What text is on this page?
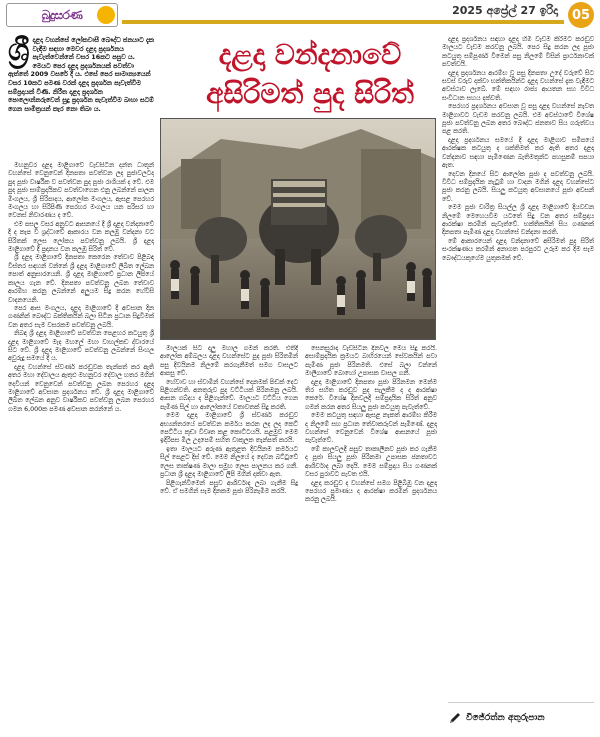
බුදුසරණ	2025 අප්‍රේල් 27 ඉරිදා	05
ශ්‍රී දළදා වහන්සේ ලෝකවාසී බෞද්ධ ජනයාට දැක වැඳීම සඳහා මෙවර දළදා ප්‍රදර්ශනය පැවැත්වෙන්නේ වසර 16කට පසුව ය. මෙයට පෙර දළදා ප්‍රදර්ශනයක් පවත්වා ඇත්තේ 2009 වසරේ දී ය. එසේ පෙර සාමාන්‍යයෙන් වසර 10කට පමණ වරක් දළදා ප්‍රදර්ශන පැවැත්වීම සම්ප්‍රදායක් විණි. නිරීත දළදා ප්‍රදර්ශන පොලොන්නරුවෙන් සුදු ප්‍රදර්ශන පැවැත්වීම බාහා සටම් ගෙන සාමිත්‍රයන් කැර නො තිබා ය.
දළදා වන්දනාවේ
අසිරිමත් පුද සිරිත්

මහනුවර දළදා මාළිගාවේ වැඩසිටින දන්ත ධාතූන් වහන්සේ වෙනුවෙන් දිනපතා පවත්වන ලද පුජාවලටද පුද පූජා වාර්ෂික ව පවත්වන පුද පූජා රාශියක් ද වේ. එම පුද පූජා සාම්ප්‍රදායිකව පවත්වාගෙන එනු ලබන්නේ පාලන මිංගලය, ශ්‍රී සිරිපාදය, ආලෝක මංගලය, ඇසළ පෙරහර මංගලය හා සිරිපිණි පෙරහර මංගලය යන පරිසර හා වෙනස් නිවාරණය ද වේ.

එම පසල වසර අනුවට ආසනයේ දී ශ්‍රී දළදා වන්දනාවේ දී ද කැප වී ශ්‍රද්ධාවේ ආකාරය වන කලඹු වන්දනා වට සිරිතක් ලෙස ලෝකය පවත්වනු ලබයි. ශ්‍රී දළදා මාළිගාවේ දී ප්‍රදානය වන කලඹු සිරිත් වේ.

ශ්‍රී දළදා මාළිගාවේ දිනපතා කෙරෙන තේවාව පිළිබඳ විස්තර සඳහන් වන්නේ ශ්‍රී දළදා මාළිගාවේ ලිඛිත ලේඛන පොත් අනුසාරයෙනි. ශ්‍රී දළදා මාළිගාවේ ප්‍රධාන ලිපියේ කාලය ගැන වේ. දිනපතා පවත්වනු ලබන තේවාව ආරම්භ කරනු ලබන්නේ අලුයම සිදු කරන හේවිසි වාදනයෙනි.

පෙර ආස මංගලය, දළදා මාළිගාවේ දී අවසාන දින ගණනින් බෞද්ධ බක්තිකයින් බලා සිටින ප්‍රධාන සිදුවීමක් වන අතර සැම වසරකම පවත්වනු ලබයි.

නිබඳ ශ්‍රී දළදා මාළිගාවේ පවත්වන පෙළහර කටයුතු ශ්‍රී දළදා මාළිගාවේ මැද මහලේ මහා වාහල්කඩ ද්වාරයේ සිට වේ. ශ්‍රී දළදා මාළිගාවේ පවත්වනු ලබන්නේ සිංහල අවුරුදු සමයේ දී ය.

දළදා වහන්සේ ස්වර්ණ කරඬුවක තැන්පත් කර ඇති අතර මහා දේවාලය ඇතුළු මහනුවර දේවාල හතර මගින් දෙවියන් වෙනුවෙන් පවත්වනු ලබන පෙරහර දළදා මාළිගාවේ අවසාන ප්‍රදර්ශනය වේ. ශ්‍රී දළදා මාළිගාවේ ලිඛිත ලේඛන අනුව වාර්ෂිකව පවත්වනු ලබන පෙරහර ගමන 6,000ක පමණ අවසාන කරන්නේ ය.

මාලයක් සිට දලු මහාල ගමන් කරති. එතිදී ආලෝක අම්බලය දළදා වහන්සේට පුද පූජා සිරිතමින් පසු දිවයිනම නිලමේ කරගැනීමත් සමග වාසලට ආපසු වේ.

හේවාව හා ස්වාමීන් වහන්සේ දෙනමක් පිඬක් දෙට පිළිගන්වති. අනතුරුව පුද වට්ටියක් පිරිනමනු ලබයි. ආසන ගබ්දය ද පිළිගැන්වේ. මාලයට වට්ටිය ගෙන පැමිණ සිල් හා ආලෝකයේ වතාවතක් සිදු කරති.

මෙම දළදා මාළිගාවේ ශ්‍රී ස්වර්ණ කරඬුව අභ්‍යන්තරයේ පවත්වන කර්මය කරන ලද ලද කෙට් පෙට්ටිය කුඩා විවෘත කළ කොට්ටයයි. පළමුව මෙම ඉදිරිපස මිල උදාපෙම් සහිත වාකුලක තැන්පත් කරයි.

ඉතා මාලයට අරුණ ඇතුළත දිවයිනම කර්මයට සිල් පෙළට දිස් වේ. මෙම නිලයේ ද දෙවන බට්ටුවේ ලෙස තාක්ෂණ මාලා සමුහ ලෙස පාලනය කර ගනී. ප්‍රධාන ශ්‍රී දළදා මාළිගාවේ ලිපි මගින් දක්වා ඇත.

පිළිගැන්වීමෙන් පසුව ආශිර්වාද ලබා ගැනීම සිදු වේ. ඒ සමගින් සැම දිනකම පූජා පිරිනැමීම කරයි.

සෙනසුරාදා වැඩසිටින දිනවල මෙය සිදු කරයි. අසාම්ප්‍රදායික ක්‍රමයට බාහිරයෙන් සේවකයින් පවා පැමිණ පූජා පිරිනමති. එසේ බලා වන්නේ මාලිගාවේ බොහෝ උපාසක වාසල ගනී.

දළදා මාළිගාවේ දිනපතා පූජා පිරිනමන මෙන්ම තිර සහිත කරඬුව පුද සැලකීම ද ද ආරක්ෂා කෙරේ. විශේෂ දිනවලදී සම්ප්‍රදායික සිරිත් අනුව ගමන් කරන අතර සියලු පූජා කටයුතු පැවැත්වේ.

මෙම කටයුතු සඳහා ඇසළ නැකත් ආරම්භ කිරීම ද නිලමේ සහ ප්‍රධාන තේවාකරුවන් පැමිණේ. දළදා වහන්සේ වෙනුවෙන් විශේෂ ආසනයේ පූජා පැවැත්වේ.

මේ කාලවලදී පසුව තාකාලීනව පූජා කර ගැනීම ද පූජා සියලු පූජා පිරිනමා උපාසක ජනතාවට ආශිර්වාද ලබා දෙයි. මෙම සම්ප්‍රදාය සිය ගණනක් වසර පුරාවට පැවත එයි.

දළදා කරඬුව ද වහන්සේ සමග පිළිබිඹු වන දළදා පෙරහර ප්‍රමාණය ද ආරක්ෂා කරමින් ප්‍රදර්ශනය කරනු ලබයි.

දළදා ප්‍රදර්ශනය සඳහා දළදා හිමි වැඩම කිරීමට කරඬුව මාලයට වැඩම කරවනු ලබයි. පෙර සිදු කරන ලද පූජා කටයුතු සම්පූර්ණ වීමෙන් පසු නිලමේ විසින් ප්‍රාර්ථනාවක් පවත්වයි.

දළදා ප්‍රදර්ශනය ආරම්භ වූ පසු දිනපතා උදේ වරුවේ සිට සවස් වරුව දක්වා භක්තිකයින්ට දළදා වහන්සේ දැක වැඳීමට අවස්ථාව ලැබේ. මේ සඳහා රාජ්‍ය ආයතන සහ විවිධ සංවිධාන සහය දක්වති.

පෙරහර ප්‍රදර්ශනය අවසාන වූ පසු දළදා වහන්සේ නැවත මාළිගාවට වැඩම කරවනු ලබයි. එම අවස්ථාවේ විශේෂ පූජා පවත්වනු ලබන අතර බෞද්ධ ජනතාව සිය ගරුත්වය පළ කරති.

දළදා ප්‍රදර්ශනය සමයේ දී දළදා මාළිගාව සමීපයේ ආරක්ෂක කටයුතු ද ශක්තිමත් කර ඇති අතර දළදා වන්දනාව සඳහා පැමිණෙන බැතිමතුන්ට පහසුකම් සපයා ඇත.

දෙවන දිනයේ සිට ආලෝක පූජා ද පවත්වනු ලබයි. විවිධ සම්ප්‍රදායික නැටුම් හා වාදන මගින් දළදා වහන්සේට පූජා කරනු ලබයි. සියලු කටයුතු අවසානයේ පූජා අවසන් වේ.

මෙම පූජා චාරිත්‍ර සියල්ල ශ්‍රී දළදා මාළිගාවේ දියවඩන නිලමේ මෙහෙයවීම යටතේ සිදු වන අතර සම්ප්‍රදාය ආරක්ෂා කරමින් පැවැත්වේ. භක්තිකයින් සිය ගණනක් දිනපතා පැමිණ දළදා වහන්සේ වන්දනා කරති.

මේ ආකාරයෙන් දළදා වන්දනාවේ අසිරිමත් පුද සිරිත් සංරක්ෂණය කරමින් අනාගත පරපුරට උරුම කර දීම සැම බෞද්ධයකුගේම යුතුකමක් වේ.

විජේරත්න අතුරුපාන
